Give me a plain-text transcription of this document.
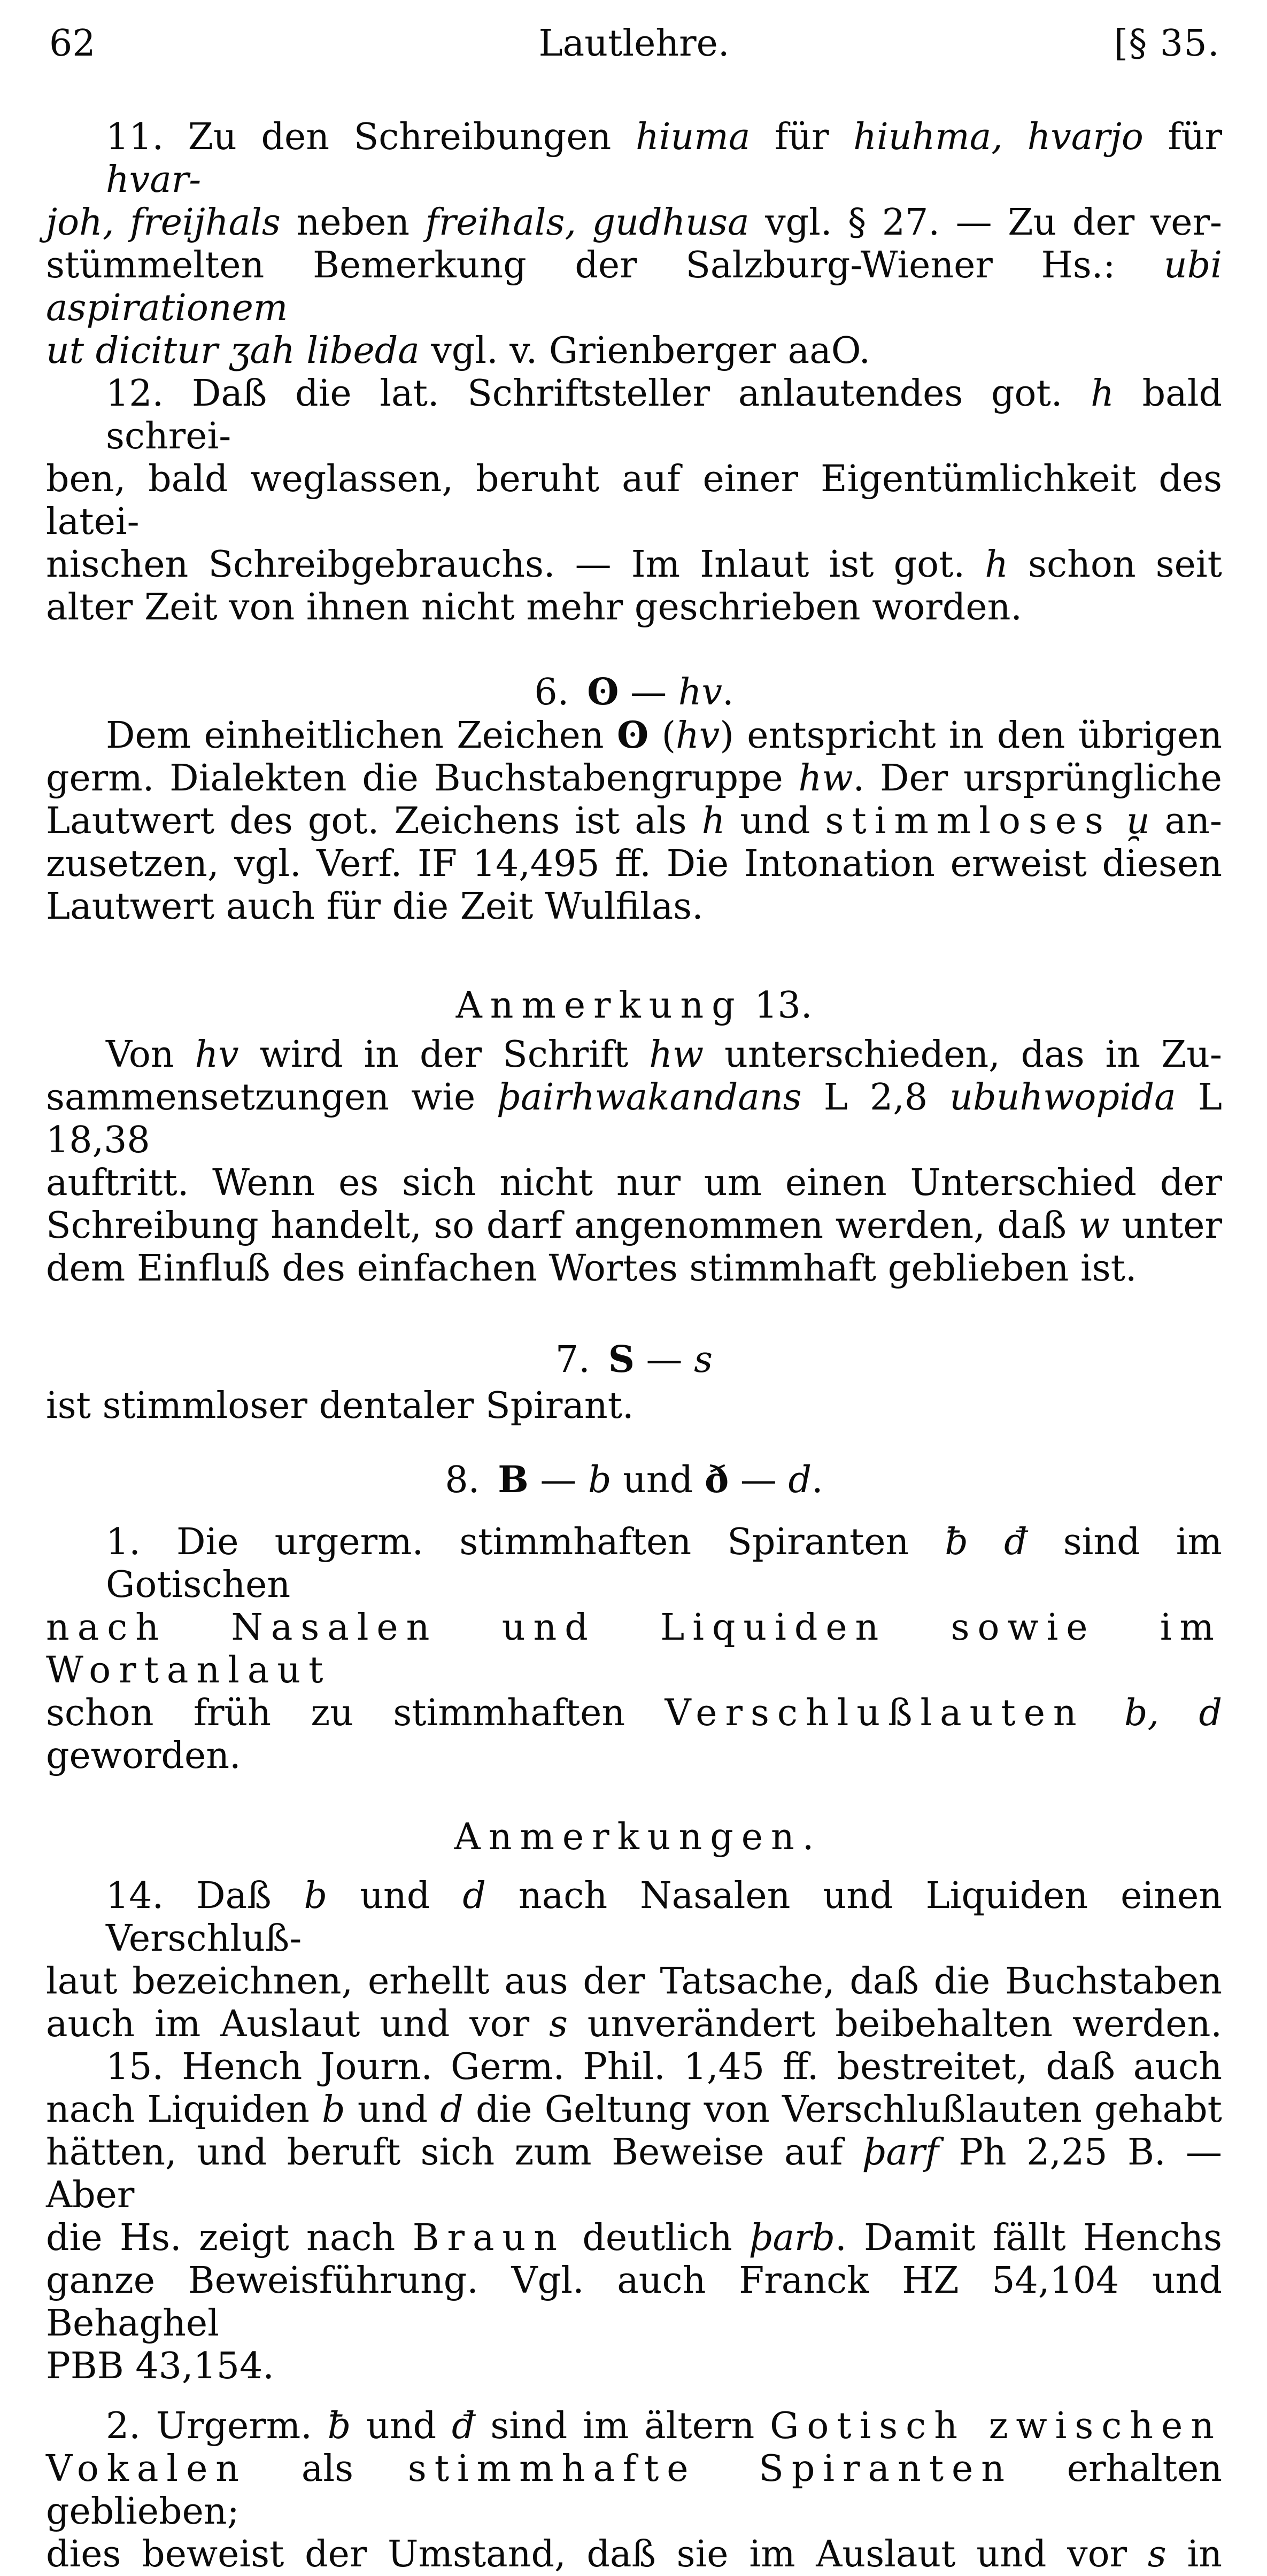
62	Lautlehre.	[§ 35.
11. Zu den Schreibungen hiuma für hiuhma, hvarjo für hvar-
joh, freijhals neben freihals, gudhusa vgl. § 27. — Zu der ver-
stümmelten Bemerkung der Salzburg-Wiener Hs.: ubi aspirationem
ut dicitur ʒah libeda vgl. v. Grienberger aaO.
12. Daß die lat. Schriftsteller anlautendes got. h bald schrei-
ben, bald weglassen, beruht auf einer Eigentümlichkeit des latei-
nischen Schreibgebrauchs. — Im Inlaut ist got. h schon seit
alter Zeit von ihnen nicht mehr geschrieben worden.
6. ʘ — hv.
Dem einheitlichen Zeichen ʘ (hv) entspricht in den übrigen
germ. Dialekten die Buchstabengruppe hw. Der ursprüngliche
Lautwert des got. Zeichens ist als h und stimmloses u̯ an-
zusetzen, vgl. Verf. IF 14,495 ff. Die Intonation erweist diesen
Lautwert auch für die Zeit Wulfilas.
Anmerkung 13.
Von hv wird in der Schrift hw unterschieden, das in Zu-
sammensetzungen wie þairhwakandans L 2,8 ubuhwopida L 18,38
auftritt. Wenn es sich nicht nur um einen Unterschied der
Schreibung handelt, so darf angenommen werden, daß w unter
dem Einfluß des einfachen Wortes stimmhaft geblieben ist.
7. S — s
ist stimmloser dentaler Spirant.
8. B — b und ð — d.
1. Die urgerm. stimmhaften Spiranten ƀ đ sind im Gotischen
nach Nasalen und Liquiden sowie im Wortanlaut
schon früh zu stimmhaften Verschlußlauten b, d geworden.
Anmerkungen.
14. Daß b und d nach Nasalen und Liquiden einen Verschluß-
laut bezeichnen, erhellt aus der Tatsache, daß die Buchstaben
auch im Auslaut und vor s unverändert beibehalten werden.
15. Hench Journ. Germ. Phil. 1,45 ff. bestreitet, daß auch
nach Liquiden b und d die Geltung von Verschlußlauten gehabt
hätten, und beruft sich zum Beweise auf þarf Ph 2,25 B. — Aber
die Hs. zeigt nach Braun deutlich þarb. Damit fällt Henchs
ganze Beweisführung. Vgl. auch Franck HZ 54,104 und Behaghel
PBB 43,154.
2. Urgerm. ƀ und đ sind im ältern Gotisch zwischen
Vokalen als stimmhafte Spiranten erhalten geblieben;
dies beweist der Umstand, daß sie im Auslaut und vor s in
